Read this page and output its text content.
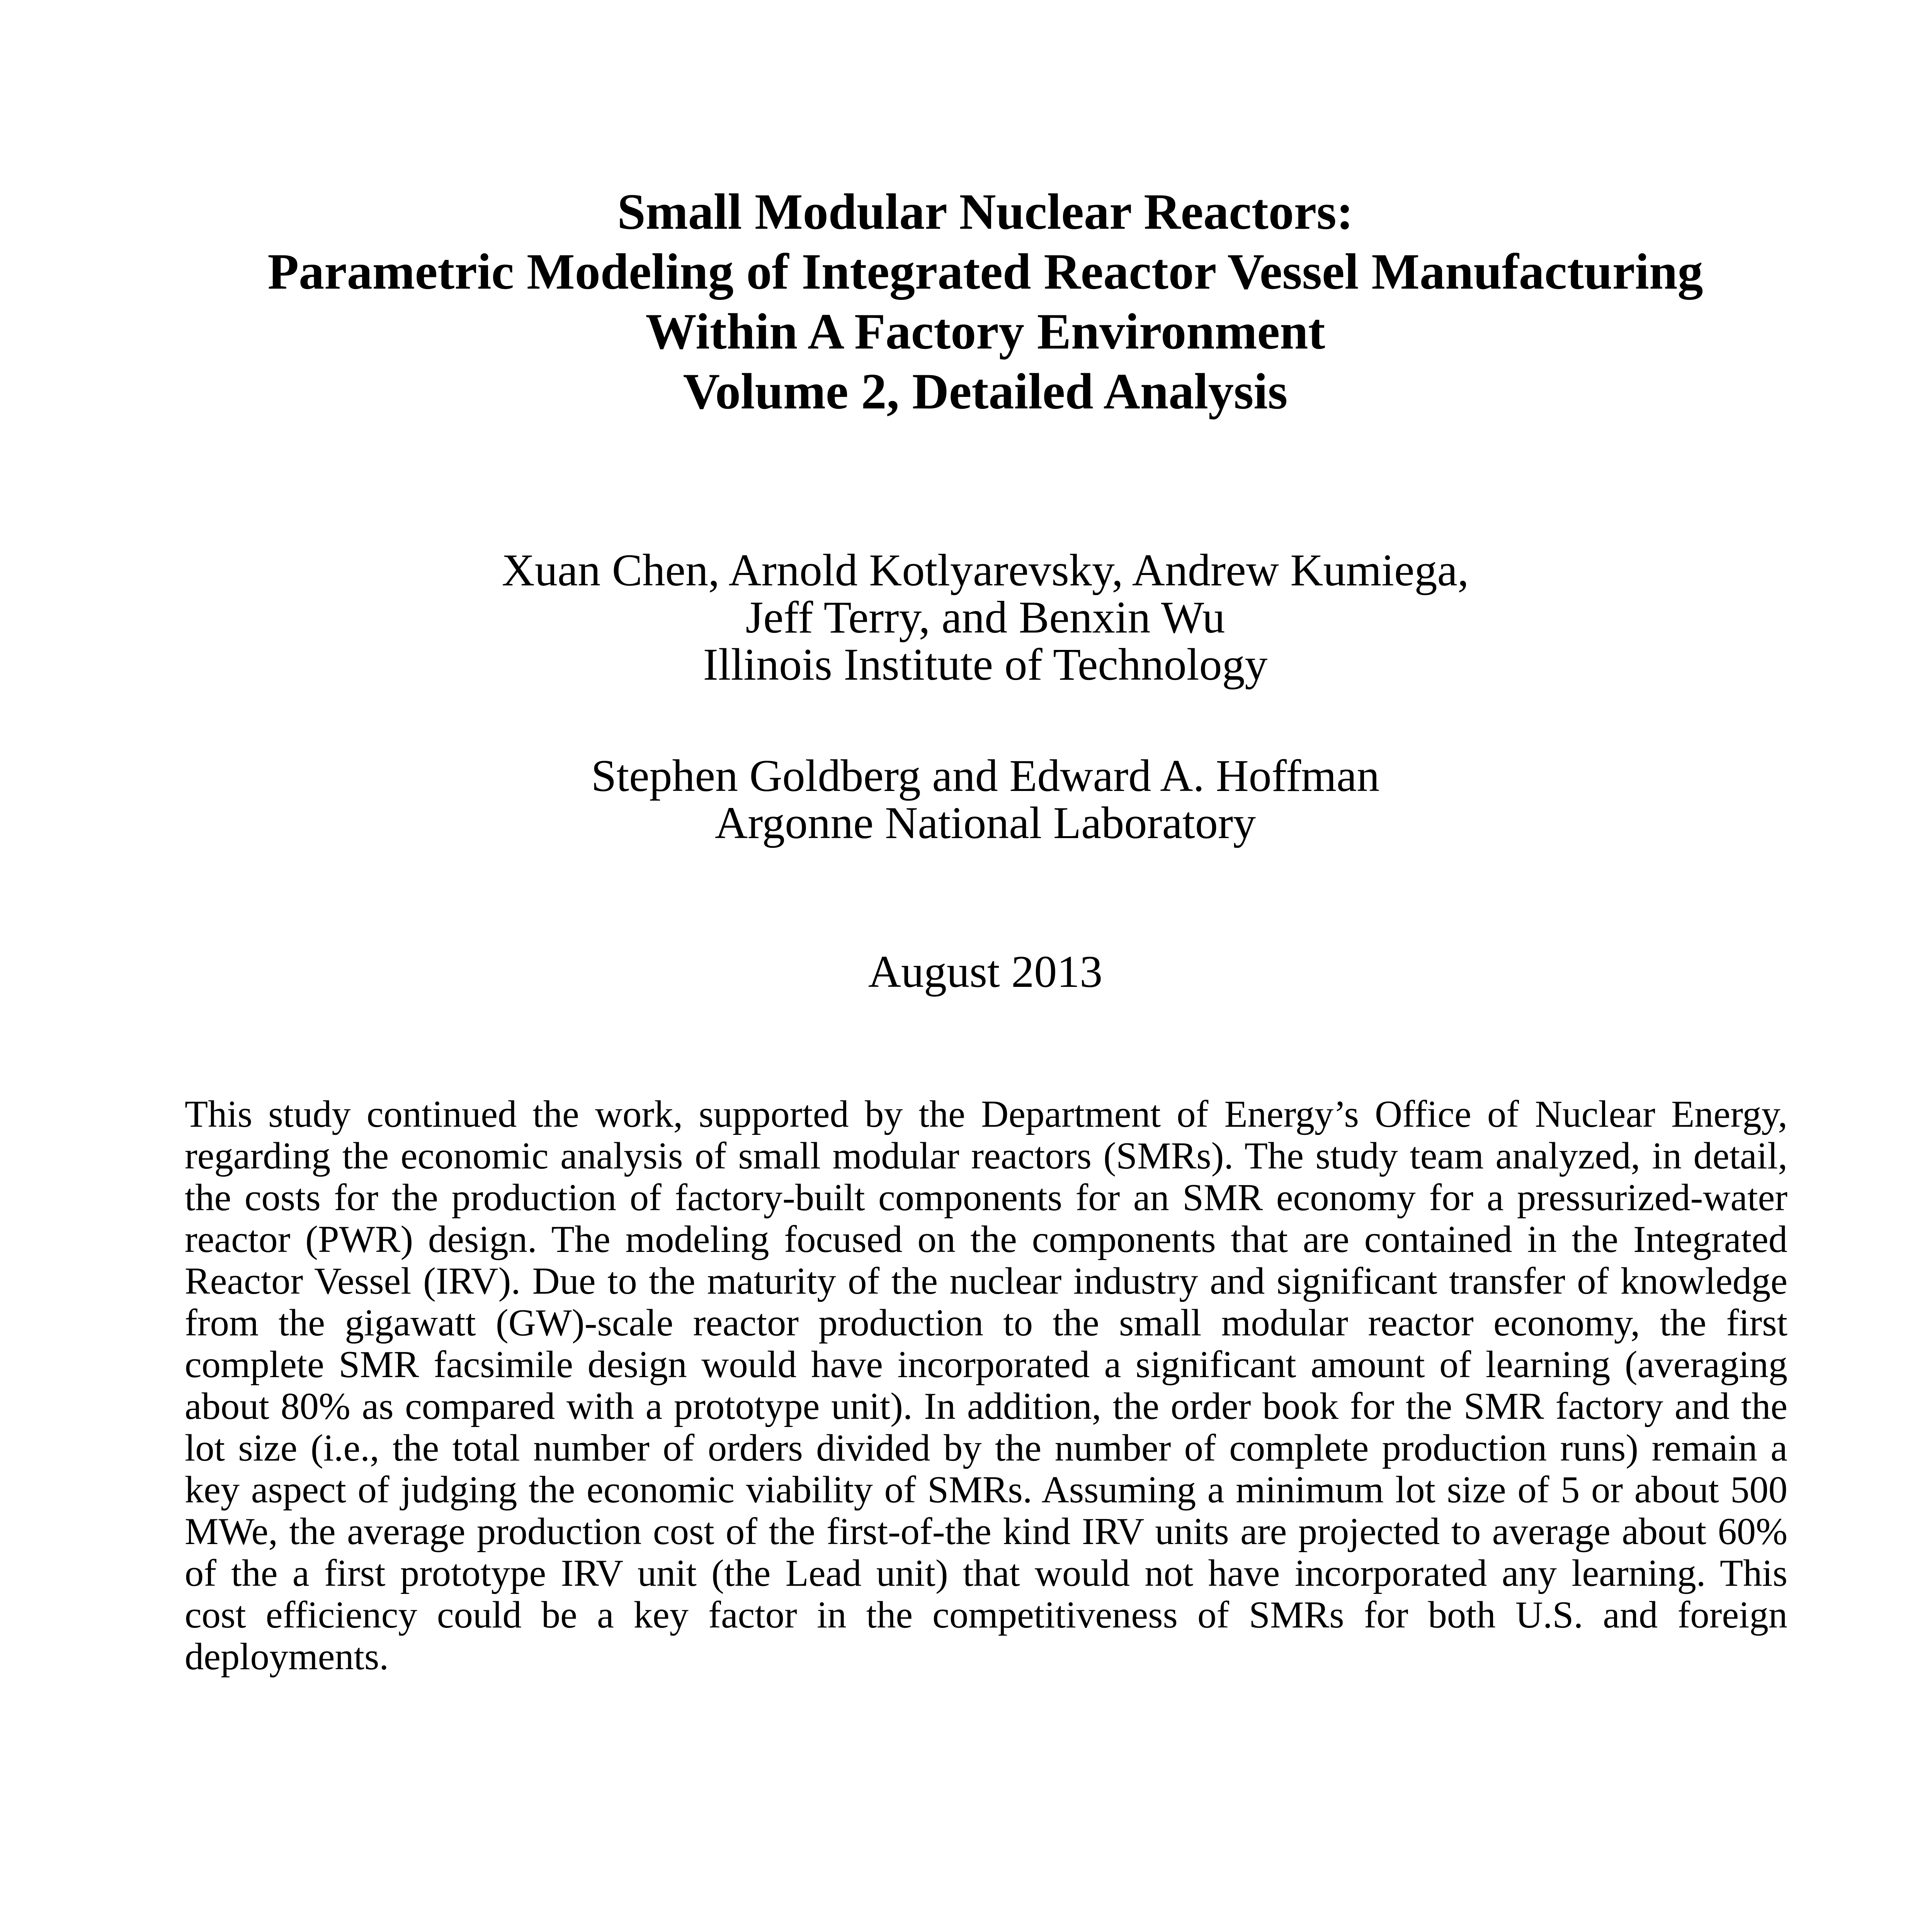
Small Modular Nuclear Reactors:
Parametric Modeling of Integrated Reactor Vessel Manufacturing
Within A Factory Environment
Volume 2, Detailed Analysis
Xuan Chen, Arnold Kotlyarevsky, Andrew Kumiega,
Jeff Terry, and Benxin Wu
Illinois Institute of Technology
Stephen Goldberg and Edward A. Hoffman
Argonne National Laboratory
August 2013
This study continued the work, supported by the Department of Energy’s Office of Nuclear Energy,
regarding the economic analysis of small modular reactors (SMRs). The study team analyzed, in detail,
the costs for the production of factory-built components for an SMR economy for a pressurized-water
reactor (PWR) design. The modeling focused on the components that are contained in the Integrated
Reactor Vessel (IRV). Due to the maturity of the nuclear industry and significant transfer of knowledge
from the gigawatt (GW)-scale reactor production to the small modular reactor economy, the first
complete SMR facsimile design would have incorporated a significant amount of learning (averaging
about 80% as compared with a prototype unit). In addition, the order book for the SMR factory and the
lot size (i.e., the total number of orders divided by the number of complete production runs) remain a
key aspect of judging the economic viability of SMRs. Assuming a minimum lot size of 5 or about 500
MWe, the average production cost of the first-of-the kind IRV units are projected to average about 60%
of the a first prototype IRV unit (the Lead unit) that would not have incorporated any learning. This
cost efficiency could be a key factor in the competitiveness of SMRs for both U.S. and foreign
deployments.
